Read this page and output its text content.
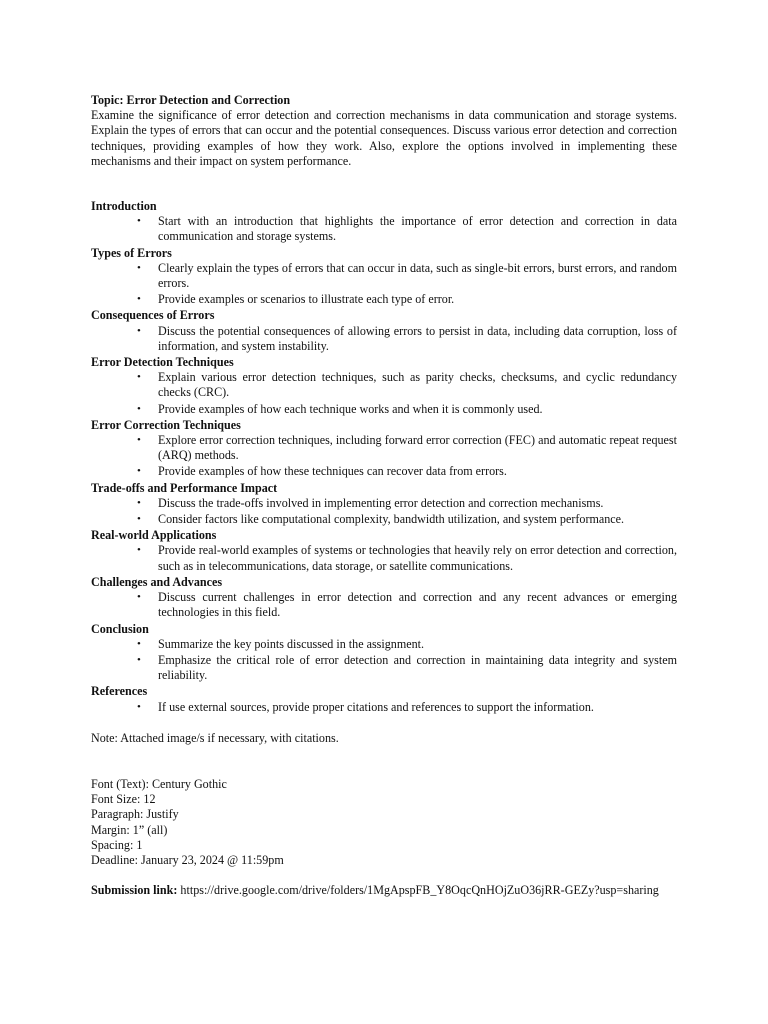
Topic: Error Detection and Correction

Examine the significance of error detection and correction mechanisms in data communication and storage systems. Explain the types of errors that can occur and the potential consequences. Discuss various error detection and correction techniques, providing examples of how they work. Also, explore the options involved in implementing these mechanisms and their impact on system performance.

Introduction
• Start with an introduction that highlights the importance of error detection and correction in data communication and storage systems.
Types of Errors
• Clearly explain the types of errors that can occur in data, such as single-bit errors, burst errors, and random errors.
• Provide examples or scenarios to illustrate each type of error.
Consequences of Errors
• Discuss the potential consequences of allowing errors to persist in data, including data corruption, loss of information, and system instability.
Error Detection Techniques
• Explain various error detection techniques, such as parity checks, checksums, and cyclic redundancy checks (CRC).
• Provide examples of how each technique works and when it is commonly used.
Error Correction Techniques
• Explore error correction techniques, including forward error correction (FEC) and automatic repeat request (ARQ) methods.
• Provide examples of how these techniques can recover data from errors.
Trade-offs and Performance Impact
• Discuss the trade-offs involved in implementing error detection and correction mechanisms.
• Consider factors like computational complexity, bandwidth utilization, and system performance.
Real-world Applications
• Provide real-world examples of systems or technologies that heavily rely on error detection and correction, such as in telecommunications, data storage, or satellite communications.
Challenges and Advances
• Discuss current challenges in error detection and correction and any recent advances or emerging technologies in this field.
Conclusion
• Summarize the key points discussed in the assignment.
• Emphasize the critical role of error detection and correction in maintaining data integrity and system reliability.
References
• If use external sources, provide proper citations and references to support the information.
Note: Attached image/s if necessary, with citations.
Font (Text): Century Gothic
Font Size: 12
Paragraph: Justify
Margin: 1” (all)
Spacing: 1
Deadline: January 23, 2024 @ 11:59pm
Submission link: https://drive.google.com/drive/folders/1MgApspFB_Y8OqcQnHOjZuO36jRR-GEZy?usp=sharing
